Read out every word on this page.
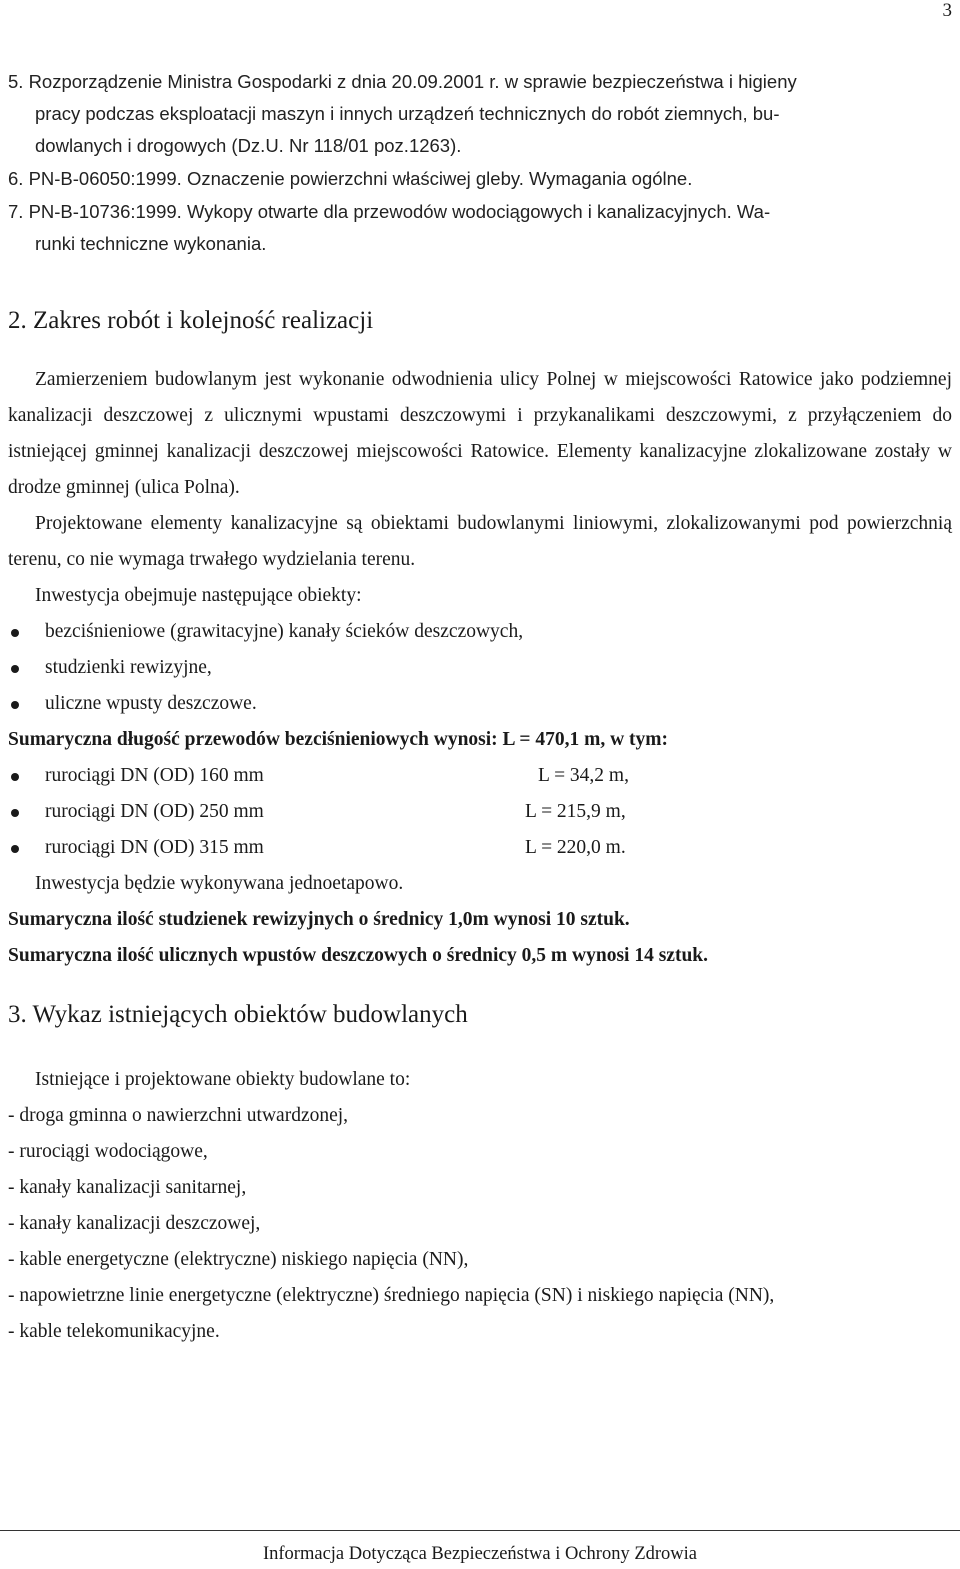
3
5. Rozporządzenie Ministra Gospodarki z dnia 20.09.2001 r. w sprawie bezpieczeństwa i higieny
pracy podczas eksploatacji maszyn i innych urządzeń technicznych do robót ziemnych, bu-
dowlanych i drogowych (Dz.U. Nr 118/01 poz.1263).
6. PN-B-06050:1999. Oznaczenie powierzchni właściwej gleby. Wymagania ogólne.
7. PN-B-10736:1999. Wykopy otwarte dla przewodów wodociągowych i kanalizacyjnych. Wa-
runki techniczne wykonania.
2. Zakres robót i kolejność realizacji

Zamierzeniem budowlanym jest wykonanie odwodnienia ulicy Polnej w miejscowości Ratowice jako podziemnej kanalizacji deszczowej z ulicznymi wpustami deszczowymi i przykanalikami deszczowymi, z przyłączeniem do istniejącej gminnej kanalizacji deszczowej miejscowości Ratowice. Elementy kanalizacyjne zlokalizowane zostały w drodze gminnej (ulica Polna).

Projektowane elementy kanalizacyjne są obiektami budowlanymi liniowymi, zlokalizowanymi pod powierzchnią terenu, co nie wymaga trwałego wydzielania terenu.

Inwestycja obejmuje następujące obiekty:

bezciśnieniowe (grawitacyjne) kanały ścieków deszczowych,
studzienki rewizyjne,
uliczne wpusty deszczowe.

Sumaryczna długość przewodów bezciśnieniowych wynosi: L = 470,1 m, w tym:

rurociągi DN (OD) 160 mm	L = 34,2 m,
rurociągi DN (OD) 250 mm	L = 215,9 m,
rurociągi DN (OD) 315 mm	L = 220,0 m.

Inwestycja będzie wykonywana jednoetapowo.

Sumaryczna ilość studzienek rewizyjnych o średnicy 1,0m wynosi 10 sztuk.

Sumaryczna ilość ulicznych wpustów deszczowych o średnicy 0,5 m wynosi 14 sztuk.

3. Wykaz istniejących obiektów budowlanych

Istniejące i projektowane obiekty budowlane to:

- droga gminna o nawierzchni utwardzonej,
- rurociągi wodociągowe,
- kanały kanalizacji sanitarnej,
- kanały kanalizacji deszczowej,
- kable energetyczne (elektryczne) niskiego napięcia (NN),
- napowietrzne linie energetyczne (elektryczne) średniego napięcia (SN) i niskiego napięcia (NN),
- kable telekomunikacyjne.
Informacja Dotycząca Bezpieczeństwa i Ochrony Zdrowia
